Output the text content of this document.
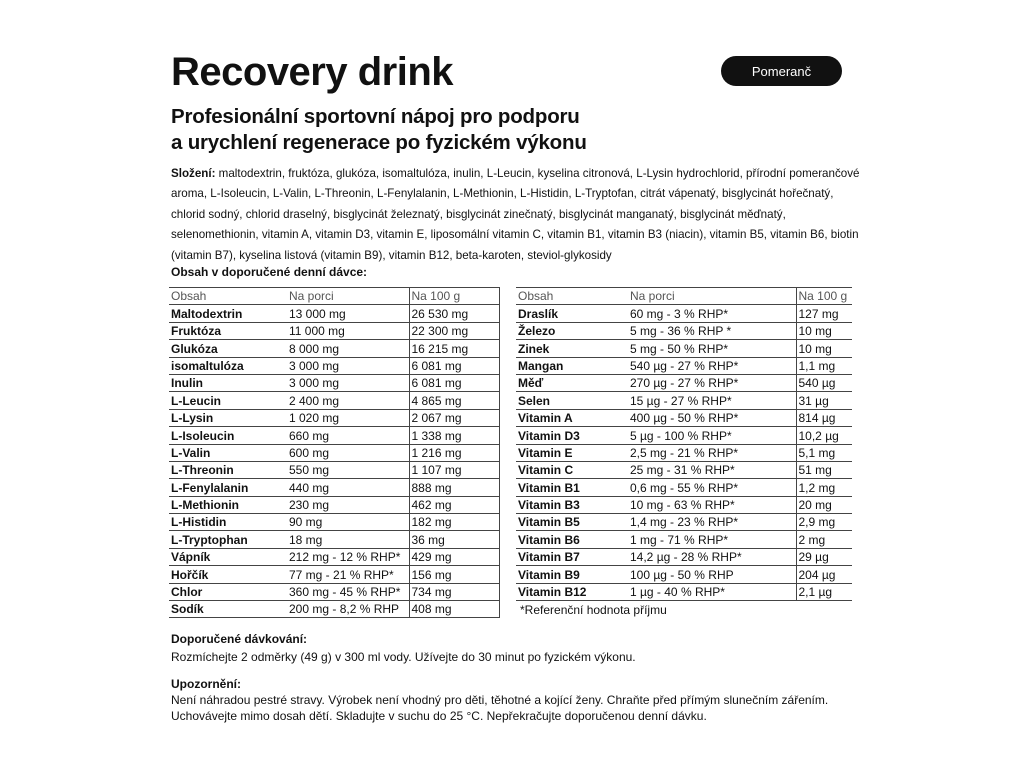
Recovery drink	Pomeranč
Profesionální sportovní nápoj pro podporu
a urychlení regenerace po fyzickém výkonu

Složení: maltodextrin, fruktóza, glukóza, isomaltulóza, inulin, L-Leucin, kyselina citronová, L-Lysin hydrochlorid, přírodní pomerančové aroma, L-Isoleucin, L-Valin, L-Threonin, L-Fenylalanin, L-Methionin, L-Histidin, L-Tryptofan, citrát vápenatý, bisglycinát hořečnatý, chlorid sodný, chlorid draselný, bisglycinát železnatý, bisglycinát zinečnatý, bisglycinát manganatý, bisglycinát měďnatý, selenomethionin, vitamin A, vitamin D3, vitamin E, liposomální vitamin C, vitamin B1, vitamin B3 (niacin), vitamin B5, vitamin B6, biotin (vitamin B7), kyselina listová (vitamin B9), vitamin B12, beta-karoten, steviol-glykosidy

Obsah v doporučené denní dávce:

Obsah	Na porci	Na 100 g
Maltodextrin	13 000 mg	26 530 mg
Fruktóza	11 000 mg	22 300 mg
Glukóza	8 000 mg	16 215 mg
isomaltulóza	3 000 mg	6 081 mg
Inulin	3 000 mg	6 081 mg
L-Leucin	2 400 mg	4 865 mg
L-Lysin	1 020 mg	2 067 mg
L-Isoleucin	660 mg	1 338 mg
L-Valin	600 mg	1 216 mg
L-Threonin	550 mg	1 107 mg
L-Fenylalanin	440 mg	888 mg
L-Methionin	230 mg	462 mg
L-Histidin	90 mg	182 mg
L-Tryptophan	18 mg	36 mg
Vápník	212 mg - 12 % RHP*	429 mg
Hořčík	77 mg - 21 % RHP*	156 mg
Chlor	360 mg - 45 % RHP*	734 mg
Sodík	200 mg - 8,2 % RHP	408 mg
Obsah	Na porci	Na 100 g
Draslík	60 mg - 3 % RHP*	127 mg
Železo	5 mg - 36 % RHP *	10 mg
Zinek	5 mg - 50 % RHP*	10 mg
Mangan	540 µg - 27 % RHP*	1,1 mg
Měď	270 µg - 27 % RHP*	540 µg
Selen	15 µg - 27 % RHP*	31 µg
Vitamin A	400 µg - 50 % RHP*	814 µg
Vitamin D3	5 µg - 100 % RHP*	10,2 µg
Vitamin E	2,5 mg - 21 % RHP*	5,1 mg
Vitamin C	25 mg - 31 % RHP*	51 mg
Vitamin B1	0,6 mg - 55 % RHP*	1,2 mg
Vitamin B3	10 mg - 63 % RHP*	20 mg
Vitamin B5	1,4 mg - 23 % RHP*	2,9 mg
Vitamin B6	1 mg - 71 % RHP*	2 mg
Vitamin B7	14,2 µg - 28 % RHP*	29 µg
Vitamin B9	100 µg - 50 % RHP	204 µg
Vitamin B12	1 µg - 40 % RHP*	2,1 µg
*Referenční hodnota příjmu
Doporučené dávkování:
Rozmíchejte 2 odměrky (49 g) v 300 ml vody. Užívejte do 30 minut po fyzickém výkonu.
Upozornění:
Není náhradou pestré stravy. Výrobek není vhodný pro děti, těhotné a kojící ženy. Chraňte před přímým slunečním zářením. Uchovávejte mimo dosah dětí. Skladujte v suchu do 25 °C. Nepřekračujte doporučenou denní dávku.
